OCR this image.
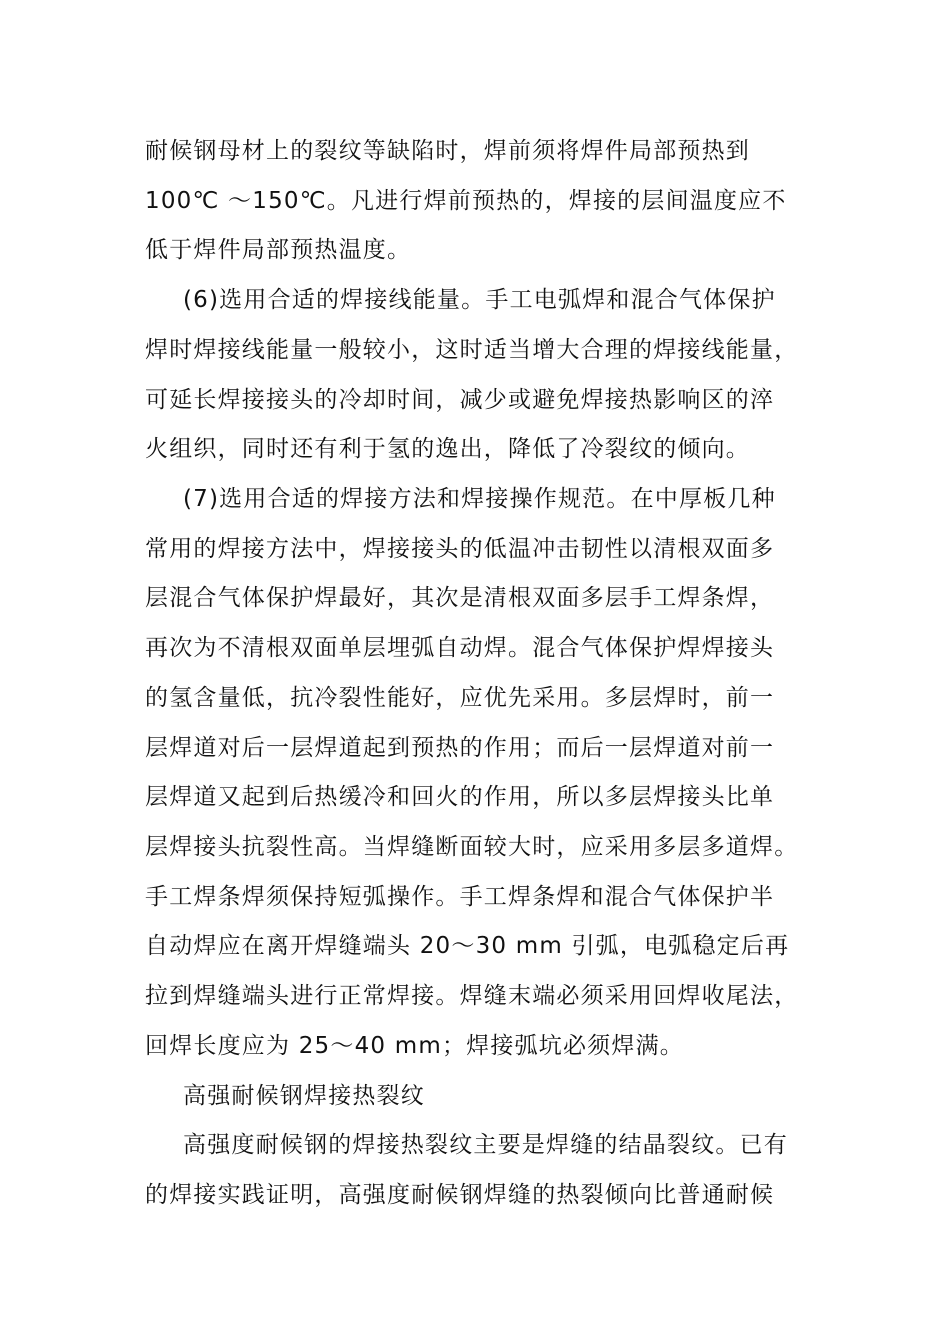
耐候钢母材上的裂纹等缺陷时，焊前须将焊件局部预热到
100℃ ～150℃。凡进行焊前预热的，焊接的层间温度应不
低于焊件局部预热温度。
(6)选用合适的焊接线能量。手工电弧焊和混合气体保护
焊时焊接线能量一般较小，这时适当增大合理的焊接线能量，
可延长焊接接头的冷却时间，减少或避免焊接热影响区的淬
火组织，同时还有利于氢的逸出，降低了冷裂纹的倾向。
(7)选用合适的焊接方法和焊接操作规范。在中厚板几种
常用的焊接方法中，焊接接头的低温冲击韧性以清根双面多
层混合气体保护焊最好，其次是清根双面多层手工焊条焊，
再次为不清根双面单层埋弧自动焊。混合气体保护焊焊接头
的氢含量低，抗冷裂性能好，应优先采用。多层焊时，前一
层焊道对后一层焊道起到预热的作用；而后一层焊道对前一
层焊道又起到后热缓冷和回火的作用，所以多层焊接头比单
层焊接头抗裂性高。当焊缝断面较大时，应采用多层多道焊。
手工焊条焊须保持短弧操作。手工焊条焊和混合气体保护半
自动焊应在离开焊缝端头 20～30 mm 引弧，电弧稳定后再
拉到焊缝端头进行正常焊接。焊缝末端必须采用回焊收尾法，
回焊长度应为 25～40 mm；焊接弧坑必须焊满。
高强耐候钢焊接热裂纹
高强度耐候钢的焊接热裂纹主要是焊缝的结晶裂纹。已有
的焊接实践证明，高强度耐候钢焊缝的热裂倾向比普通耐候
